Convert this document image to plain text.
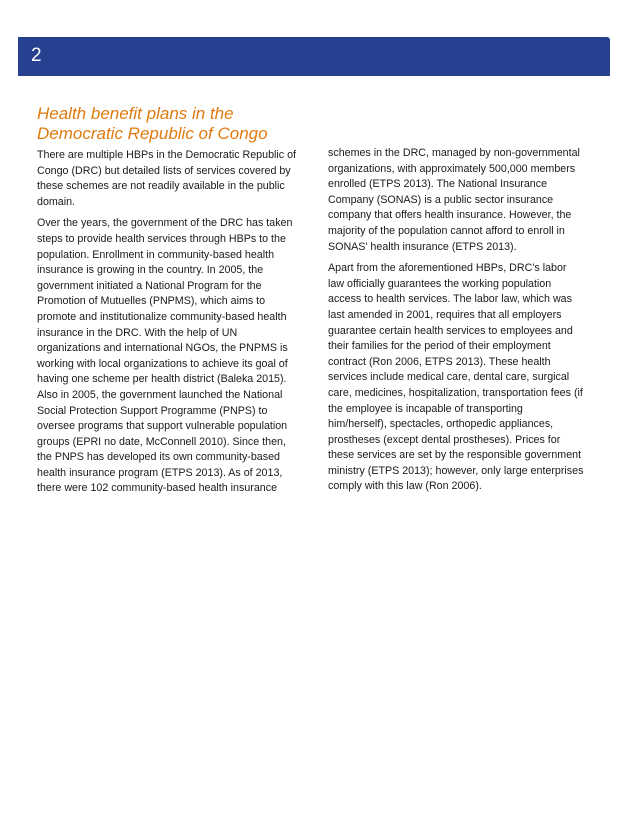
2
Health benefit plans in the Democratic Republic of Congo

There are multiple HBPs in the Democratic Republic of Congo (DRC) but detailed lists of services covered by these schemes are not readily available in the public domain.

Over the years, the government of the DRC has taken steps to provide health services through HBPs to the population. Enrollment in community-based health insurance is growing in the country. In 2005, the government initiated a National Program for the Promotion of Mutuelles (PNPMS), which aims to promote and institutionalize community-based health insurance in the DRC. With the help of UN organizations and international NGOs, the PNPMS is working with local organizations to achieve its goal of having one scheme per health district (Baleka 2015). Also in 2005, the government launched the National Social Protection Support Programme (PNPS) to oversee programs that support vulnerable population groups (EPRI no date, McConnell 2010). Since then, the PNPS has developed its own community-based health insurance program (ETPS 2013). As of 2013, there were 102 community-based health insurance

schemes in the DRC, managed by non-governmental organizations, with approximately 500,000 members enrolled (ETPS 2013). The National Insurance Company (SONAS) is a public sector insurance company that offers health insurance. However, the majority of the population cannot afford to enroll in SONAS' health insurance (ETPS 2013).

Apart from the aforementioned HBPs, DRC's labor law officially guarantees the working population access to health services. The labor law, which was last amended in 2001, requires that all employers guarantee certain health services to employees and their families for the period of their employment contract (Ron 2006, ETPS 2013). These health services include medical care, dental care, surgical care, medicines, hospitalization, transportation fees (if the employee is incapable of transporting him/herself), spectacles, orthopedic appliances, prostheses (except dental prostheses). Prices for these services are set by the responsible government ministry (ETPS 2013); however, only large enterprises comply with this law (Ron 2006).
